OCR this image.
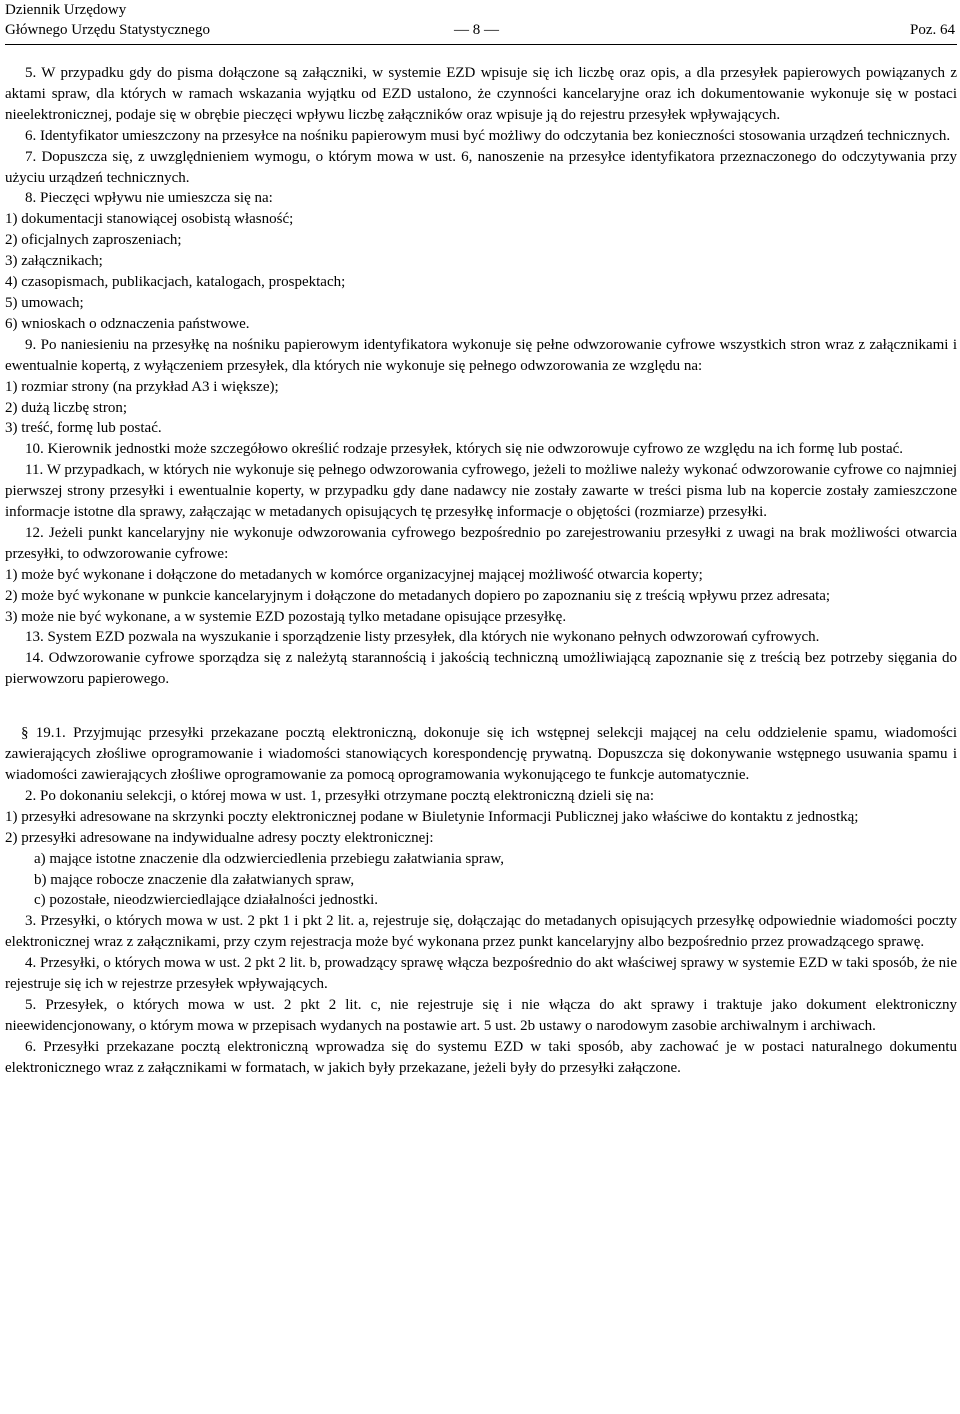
Dziennik Urzędowy
Głównego Urzędu Statystycznego	— 8 —	Poz. 64

5. W przypadku gdy do pisma dołączone są załączniki, w systemie EZD wpisuje się ich liczbę oraz opis, a dla przesyłek papierowych powiązanych z aktami spraw, dla których w ramach wskazania wyjątku od EZD ustalono, że czynności kancelaryjne oraz ich dokumentowanie wykonuje się w postaci nieelektronicznej, podaje się w obrębie pieczęci wpływu liczbę załączników oraz wpisuje ją do rejestru przesyłek wpływających.

6. Identyfikator umieszczony na przesyłce na nośniku papierowym musi być możliwy do odczytania bez konieczności stosowania urządzeń technicznych.

7. Dopuszcza się, z uwzględnieniem wymogu, o którym mowa w ust. 6, nanoszenie na przesyłce identyfikatora przeznaczonego do odczytywania przy użyciu urządzeń technicznych.

8. Pieczęci wpływu nie umieszcza się na:

1) dokumentacji stanowiącej osobistą własność;

2) oficjalnych zaproszeniach;

3) załącznikach;

4) czasopismach, publikacjach, katalogach, prospektach;

5) umowach;

6) wnioskach o odznaczenia państwowe.

9. Po naniesieniu na przesyłkę na nośniku papierowym identyfikatora wykonuje się pełne odwzorowanie cyfrowe wszystkich stron wraz z załącznikami i ewentualnie kopertą, z wyłączeniem przesyłek, dla których nie wykonuje się pełnego odwzorowania ze względu na:

1) rozmiar strony (na przykład A3 i większe);

2) dużą liczbę stron;

3) treść, formę lub postać.

10. Kierownik jednostki może szczegółowo określić rodzaje przesyłek, których się nie odwzorowuje cyfrowo ze względu na ich formę lub postać.

11. W przypadkach, w których nie wykonuje się pełnego odwzorowania cyfrowego, jeżeli to możliwe należy wykonać odwzorowanie cyfrowe co najmniej pierwszej strony przesyłki i ewentualnie koperty, w przypadku gdy dane nadawcy nie zostały zawarte w treści pisma lub na kopercie zostały zamieszczone informacje istotne dla sprawy, załączając w metadanych opisujących tę przesyłkę informacje o objętości (rozmiarze) przesyłki.

12. Jeżeli punkt kancelaryjny nie wykonuje odwzorowania cyfrowego bezpośrednio po zarejestrowaniu przesyłki z uwagi na brak możliwości otwarcia przesyłki, to odwzorowanie cyfrowe:

1) może być wykonane i dołączone do metadanych w komórce organizacyjnej mającej możliwość otwarcia koperty;

2) może być wykonane w punkcie kancelaryjnym i dołączone do metadanych dopiero po zapoznaniu się z treścią wpływu przez adresata;

3) może nie być wykonane, a w systemie EZD pozostają tylko metadane opisujące przesyłkę.

13. System EZD pozwala na wyszukanie i sporządzenie listy przesyłek, dla których nie wykonano pełnych odwzorowań cyfrowych.

14. Odwzorowanie cyfrowe sporządza się z należytą starannością i jakością techniczną umożliwiającą zapoznanie się z treścią bez potrzeby sięgania do pierwowzoru papierowego.

§ 19.1. Przyjmując przesyłki przekazane pocztą elektroniczną, dokonuje się ich wstępnej selekcji mającej na celu oddzielenie spamu, wiadomości zawierających złośliwe oprogramowanie i wiadomości stanowiących korespondencję prywatną. Dopuszcza się dokonywanie wstępnego usuwania spamu i wiadomości zawierających złośliwe oprogramowanie za pomocą oprogramowania wykonującego te funkcje automatycznie.

2. Po dokonaniu selekcji, o której mowa w ust. 1, przesyłki otrzymane pocztą elektroniczną dzieli się na:

1) przesyłki adresowane na skrzynki poczty elektronicznej podane w Biuletynie Informacji Publicznej jako właściwe do kontaktu z jednostką;

2) przesyłki adresowane na indywidualne adresy poczty elektronicznej:

a) mające istotne znaczenie dla odzwierciedlenia przebiegu załatwiania spraw,

b) mające robocze znaczenie dla załatwianych spraw,

c) pozostałe, nieodzwierciedlające działalności jednostki.

3. Przesyłki, o których mowa w ust. 2 pkt 1 i pkt 2 lit. a, rejestruje się, dołączając do metadanych opisujących przesyłkę odpowiednie wiadomości poczty elektronicznej wraz z załącznikami, przy czym rejestracja może być wykonana przez punkt kancelaryjny albo bezpośrednio przez prowadzącego sprawę.

4. Przesyłki, o których mowa w ust. 2 pkt 2 lit. b, prowadzący sprawę włącza bezpośrednio do akt właściwej sprawy w systemie EZD w taki sposób, że nie rejestruje się ich w rejestrze przesyłek wpływających.

5. Przesyłek, o których mowa w ust. 2 pkt 2 lit. c, nie rejestruje się i nie włącza do akt sprawy i traktuje jako dokument elektroniczny nieewidencjonowany, o którym mowa w przepisach wydanych na postawie art. 5 ust. 2b ustawy o narodowym zasobie archiwalnym i archiwach.

6. Przesyłki przekazane pocztą elektroniczną wprowadza się do systemu EZD w taki sposób, aby zachować je w postaci naturalnego dokumentu elektronicznego wraz z załącznikami w formatach, w jakich były przekazane, jeżeli były do przesyłki załączone.
